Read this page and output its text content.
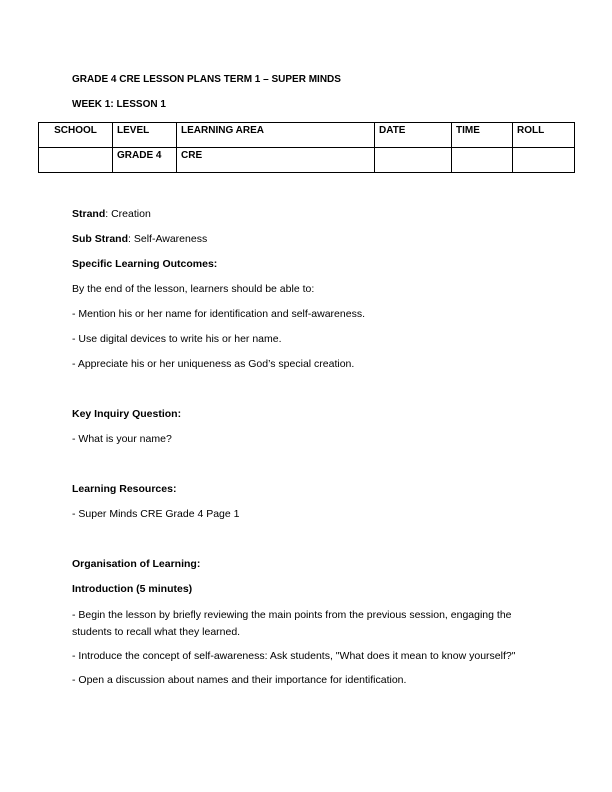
GRADE 4 CRE LESSON PLANS TERM 1 – SUPER MINDS
WEEK 1: LESSON 1
SCHOOL	LEVEL	LEARNING AREA	DATE	TIME	ROLL
	GRADE 4	CRE			
Strand: Creation
Sub Strand: Self-Awareness
Specific Learning Outcomes:
By the end of the lesson, learners should be able to:
- Mention his or her name for identification and self-awareness.
- Use digital devices to write his or her name.
- Appreciate his or her uniqueness as God’s special creation.
Key Inquiry Question:
- What is your name?
Learning Resources:
- Super Minds CRE Grade 4 Page 1
Organisation of Learning:
Introduction (5 minutes)
- Begin the lesson by briefly reviewing the main points from the previous session, engaging the students to recall what they learned.
- Introduce the concept of self-awareness: Ask students, "What does it mean to know yourself?"
- Open a discussion about names and their importance for identification.
